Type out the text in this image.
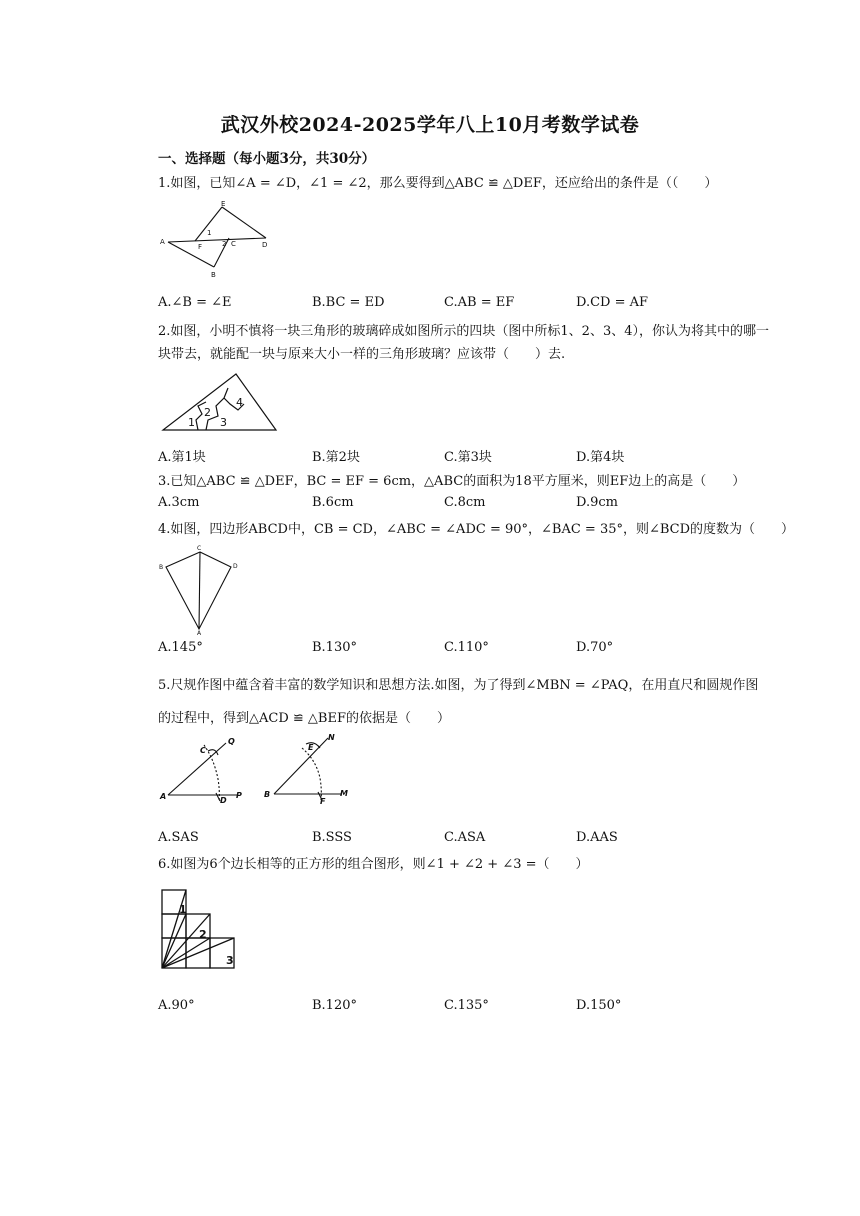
武汉外校2024-2025学年八上10月考数学试卷
一、选择题（每小题3分，共30分）
1.如图，已知∠A = ∠D，∠1 = ∠2，那么要得到△ABC ≌ △DEF，还应给出的条件是（（　　）
E
A
F
1
2 C	D
B
A.∠B = ∠E	B.BC = ED	C.AB = EF	D.CD = AF
2.如图，小明不慎将一块三角形的玻璃碎成如图所示的四块（图中所标1、2、3、4），你认为将其中的哪一
块带去，就能配一块与原来大小一样的三角形玻璃？应该带（　　）去.
1
2
3
4
A.第1块	B.第2块	C.第3块	D.第4块
3.已知△ABC ≌ △DEF，BC = EF = 6cm，△ABC的面积为18平方厘米，则EF边上的高是（　　）
A.3cm	B.6cm	C.8cm	D.9cm
4.如图，四边形ABCD中，CB = CD，∠ABC = ∠ADC = 90°，∠BAC = 35°，则∠BCD的度数为（　　）
C
B	D
A
A.145°	B.130°	C.110°	D.70°
5.尺规作图中蕴含着丰富的数学知识和思想方法.如图，为了得到∠MBN = ∠PAQ，在用直尺和圆规作图
的过程中，得到△ACD ≌ △BEF的依据是（　　）
C
Q
A	D
P
E
N
B
F
M
A.SAS	B.SSS	C.ASA	D.AAS
6.如图为6个边长相等的正方形的组合图形，则∠1 + ∠2 + ∠3 =（　　）
1
2
3
A.90°	B.120°	C.135°	D.150°
